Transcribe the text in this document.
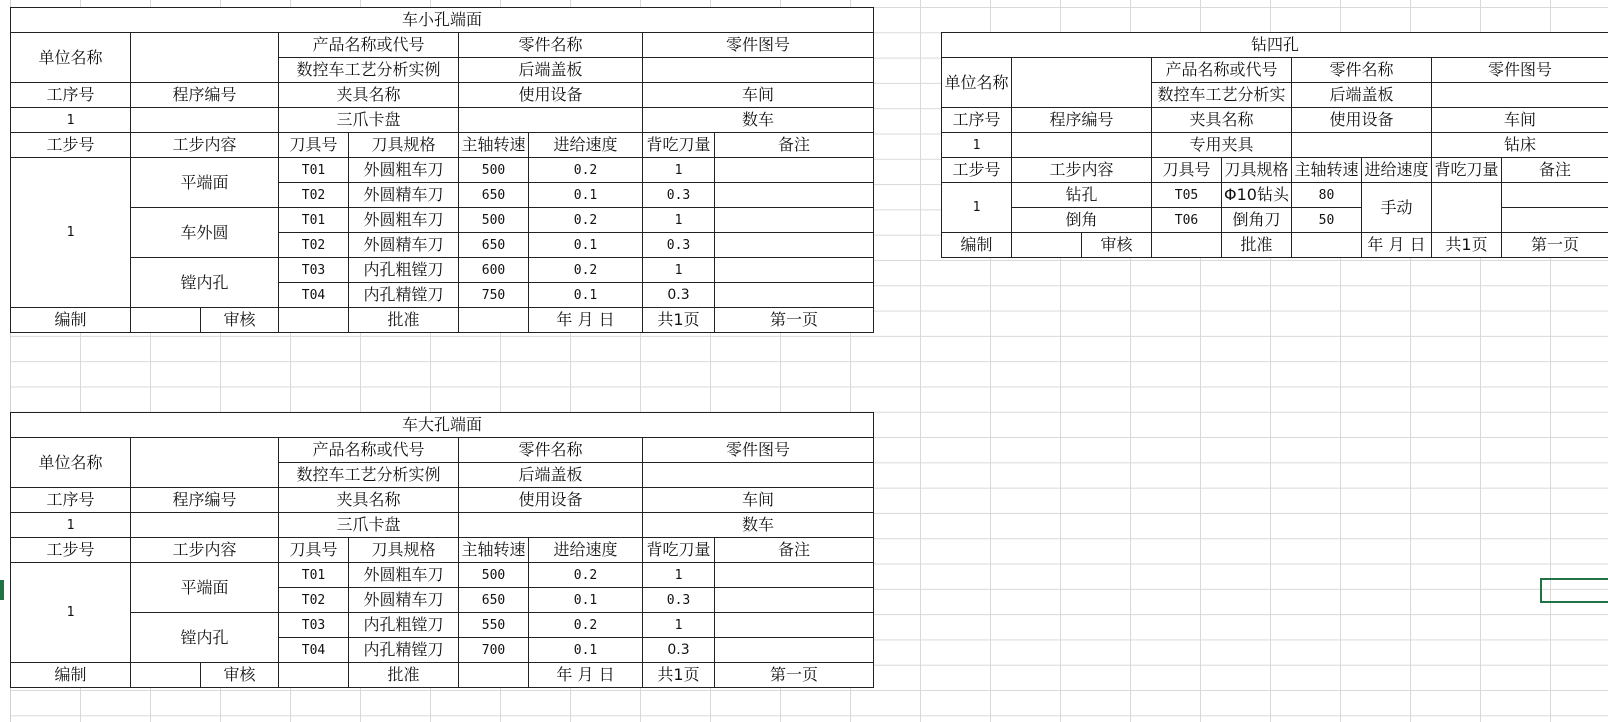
车小孔端面								
单位名称			产品名称或代号		零件名称		零件图号	
			数控车工艺分析实例		后端盖板			
工序号	程序编号		夹具名称		使用设备		车间	
1			三爪卡盘				数车	
工步号	工步内容		刀具号	刀具规格	主轴转速	进给速度	背吃刀量	备注
1	平端面		T01	外圆粗车刀	500	0.2	1	
			T02	外圆精车刀	650	0.1	0.3	
	车外圆		T01	外圆粗车刀	500	0.2	1	
			T02	外圆精车刀	650	0.1	0.3	
	镗内孔		T03	内孔粗镗刀	600	0.2	1	
			T04	内孔精镗刀	750	0.1	0.3	
编制		审核		批准		年 月 日	共1页	第一页
车大孔端面								
单位名称			产品名称或代号		零件名称		零件图号	
			数控车工艺分析实例		后端盖板			
工序号	程序编号		夹具名称		使用设备		车间	
1			三爪卡盘				数车	
工步号	工步内容		刀具号	刀具规格	主轴转速	进给速度	背吃刀量	备注
1	平端面		T01	外圆粗车刀	500	0.2	1	
			T02	外圆精车刀	650	0.1	0.3	
	镗内孔		T03	内孔粗镗刀	550	0.2	1	
			T04	内孔精镗刀	700	0.1	0.3	
编制		审核		批准		年 月 日	共1页	第一页
钻四孔								
单位名称			产品名称或代号		零件名称		零件图号	
			数控车工艺分析实		后端盖板			
工序号	程序编号		夹具名称		使用设备		车间	
1			专用夹具				钻床	
工步号	工步内容		刀具号	刀具规格	主轴转速	进给速度	背吃刀量	备注
1	钻孔		T05	Φ10钻头	80	手动		
	倒角		T06	倒角刀	50			
编制		审核		批准		年 月 日	共1页	第一页
